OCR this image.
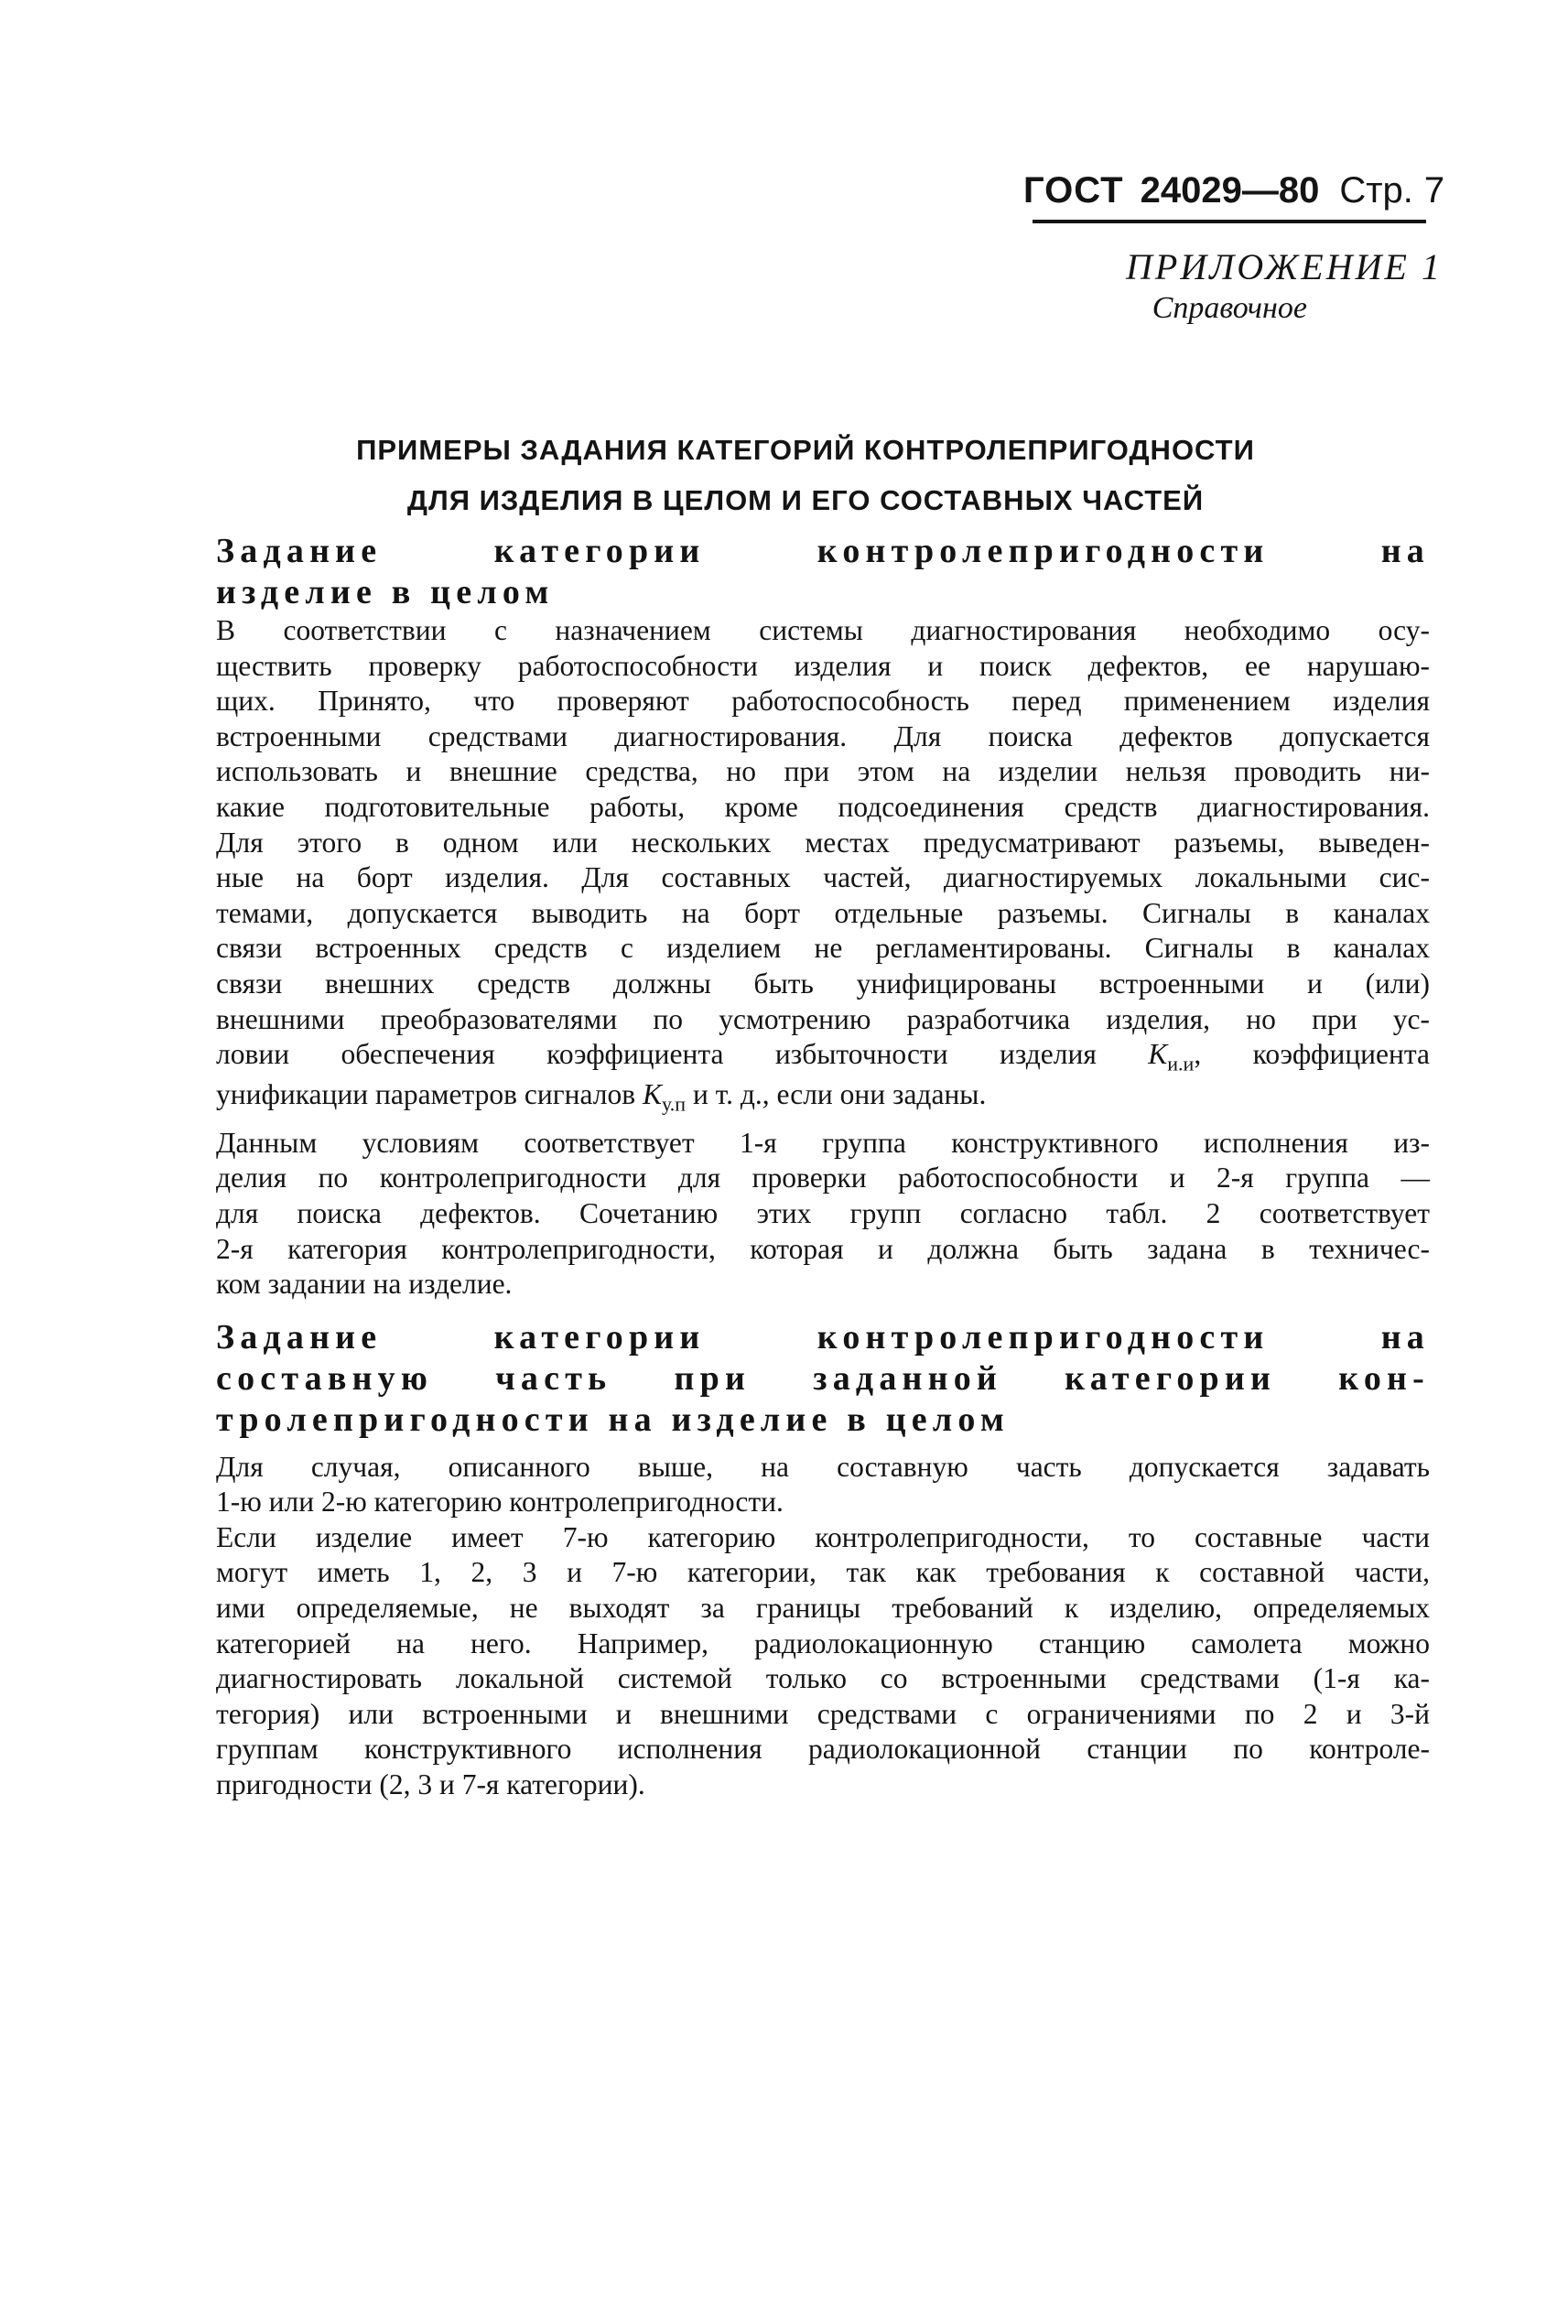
ГОСТ 24029—80 Стр. 7
ПРИЛОЖЕНИЕ 1
Справочное
ПРИМЕРЫ ЗАДАНИЯ КАТЕГОРИЙ КОНТРОЛЕПРИГОДНОСТИ
ДЛЯ ИЗДЕЛИЯ В ЦЕЛОМ И ЕГО СОСТАВНЫХ ЧАСТЕЙ
Задание категории контролепригодности на
изделие в целом
В соответствии с назначением системы диагностирования необходимо осу-
ществить проверку работоспособности изделия и поиск дефектов, ее нарушаю-
щих. Принято, что проверяют работоспособность перед применением изделия
встроенными средствами диагностирования. Для поиска дефектов допускается
использовать и внешние средства, но при этом на изделии нельзя проводить ни-
какие подготовительные работы, кроме подсоединения средств диагностирования.
Для этого в одном или нескольких местах предусматривают разъемы, выведен-
ные на борт изделия. Для составных частей, диагностируемых локальными сис-
темами, допускается выводить на борт отдельные разъемы. Сигналы в каналах
связи встроенных средств с изделием не регламентированы. Сигналы в каналах
связи внешних средств должны быть унифицированы встроенными и (или)
внешними преобразователями по усмотрению разработчика изделия, но при ус-
ловии обеспечения коэффициента избыточности изделия $K_{и.и}$, коэффициента
унификации параметров сигналов $K_{у.п}$ и т. д., если они заданы.
Данным условиям соответствует 1-я группа конструктивного исполнения из-
делия по контролепригодности для проверки работоспособности и 2-я группа —
для поиска дефектов. Сочетанию этих групп согласно табл. 2 соответствует
2-я категория контролепригодности, которая и должна быть задана в техничес-
ком задании на изделие.
Задание категории контролепригодности на
составную часть при заданной категории кон-
тролепригодности на изделие в целом
Для случая, описанного выше, на составную часть допускается задавать
1-ю или 2-ю категорию контролепригодности.
Если изделие имеет 7-ю категорию контролепригодности, то составные части
могут иметь 1, 2, 3 и 7-ю категории, так как требования к составной части,
ими определяемые, не выходят за границы требований к изделию, определяемых
категорией на него. Например, радиолокационную станцию самолета можно
диагностировать локальной системой только со встроенными средствами (1-я ка-
тегория) или встроенными и внешними средствами с ограничениями по 2 и 3-й
группам конструктивного исполнения радиолокационной станции по контроле-
пригодности (2, 3 и 7-я категории).
